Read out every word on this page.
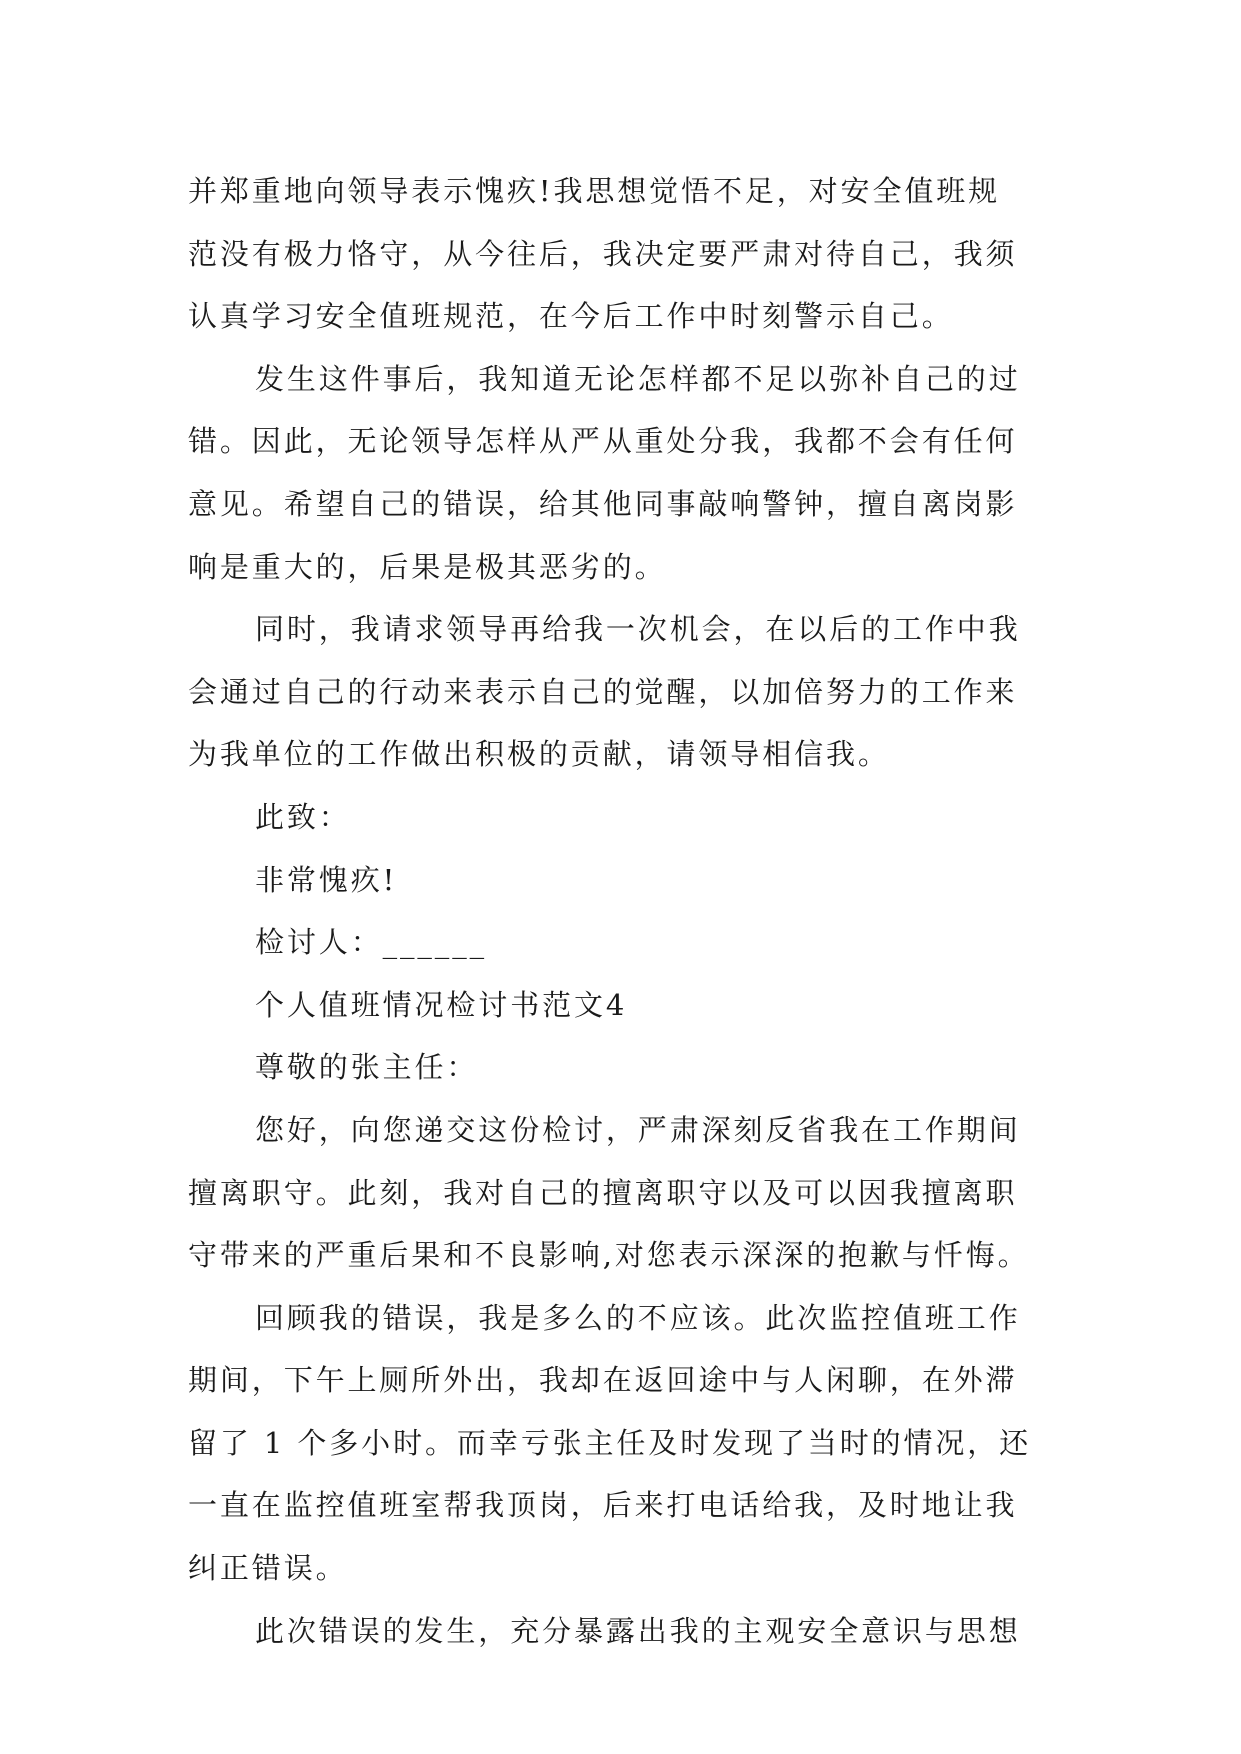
并郑重地向领导表示愧疚!我思想觉悟不足，对安全值班规
范没有极力恪守，从今往后，我决定要严肃对待自己，我须
认真学习安全值班规范，在今后工作中时刻警示自己。
发生这件事后，我知道无论怎样都不足以弥补自己的过
错。因此，无论领导怎样从严从重处分我，我都不会有任何
意见。希望自己的错误，给其他同事敲响警钟，擅自离岗影
响是重大的，后果是极其恶劣的。
同时，我请求领导再给我一次机会，在以后的工作中我
会通过自己的行动来表示自己的觉醒，以加倍努力的工作来
为我单位的工作做出积极的贡献，请领导相信我。
此致：
非常愧疚!
检讨人：______
个人值班情况检讨书范文4
尊敬的张主任：
您好，向您递交这份检讨，严肃深刻反省我在工作期间
擅离职守。此刻，我对自己的擅离职守以及可以因我擅离职
守带来的严重后果和不良影响,对您表示深深的抱歉与忏悔。
回顾我的错误，我是多么的不应该。此次监控值班工作
期间，下午上厕所外出，我却在返回途中与人闲聊，在外滞
留了 1 个多小时。而幸亏张主任及时发现了当时的情况，还
一直在监控值班室帮我顶岗，后来打电话给我，及时地让我
纠正错误。
此次错误的发生，充分暴露出我的主观安全意识与思想
